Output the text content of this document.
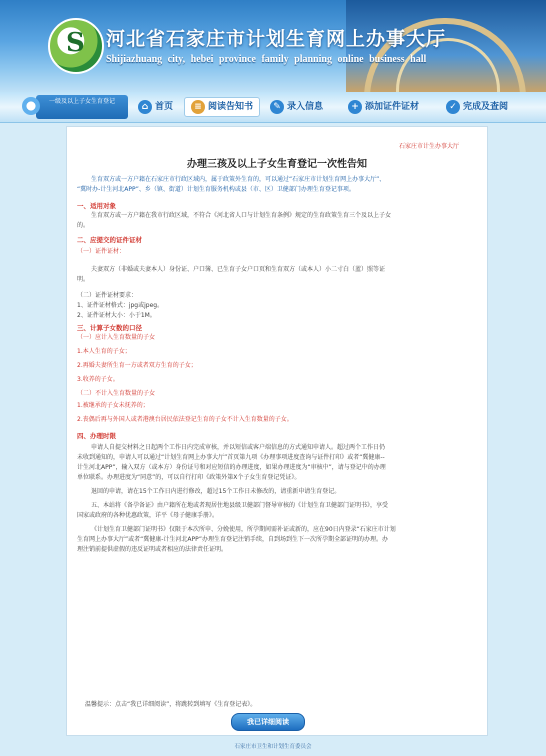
S
河北省石家庄市计划生育网上办事大厅
Shijiazhuang city, hebei province family planning online business hall
一级及以上子女生育登记	⌂ 首页	≡ 阅读告知书	✎ 录入信息	+ 添加证件证材	✓ 完成及查阅
石家庄市计生办事大厅
办理三孩及以上子女生育登记一次性告知

生育双方或一方户籍在石家庄市行政区域内，属于政策外生育的，可以通过“石家庄市计划生育网上办事大厅”、

“冀时办-计生河北APP”、乡（镇、街道）计划生育服务机构或县（市、区）卫健部门办理生育登记事项。

一、适用对象

生育双方或一方户籍在我市行政区域，不符合《河北省人口与计划生育条例》规定的生育政策生育三个及以上子女

的。

二、应提交的证件证材

（一）证件证材：

夫妻双方（非婚或夫妻本人）身份证、户口簿、已生育子女户口页和生育双方（或本人）小二寸白（蓝）照等证

明。

（二）证件证材要求：

1、证件证材格式：jpg或jpeg。

2、证件证材大小：小于1M。

三、计算子女数的口径

（一）应计入生育数量的子女

1.本人生育的子女；

2.再婚夫妻所生育一方或者双方生育的子女；

3.收养的子女。

（二）不计入生育数量的子女

1.被继承的子女未抚养的；

2.丧偶后再与外国人或者港澳台居民依法登记生育的子女不计入生育数量的子女。

四、办理时限

申请人自提交材料之日起两个工作日内完成审核，并以短信或客户端信息的方式通知申请人。超过两个工作日仍

未收到通知的，申请人可以通过“计划生育网上办事大厅”首页第九项《办理事项进度查询与证件打印》或者“冀健康--

计生河北APP”，输入双方（或本方）身份证号和对应短信的办理进度，如果办理进度为“审核中”，请与登记中的办理

单位联系。办理进度为“同意”的，可以自行打印《政策外第X个子女生育登记凭证》。

退回的申请，请在15个工作日内进行修改，超过15个工作日未修改的，请重新申请生育登记。

五、本站将《备孕备证》由户籍所在地或者现居住地县级卫健部门督导审核的《计划生育卫健部门证明书》，享受

国家或政府的各种优惠政策，详平《母子健康手册》。

《计划生育卫健部门证明书》仅限于本次所申、分娩使用，所孕期间需补证或新的，应在90日内登录“石家庄市计划

生育网上办事大厅”或者“冀健康-计生河北APP”办理生育登记注销手续，自到场到生下一次所孕期全部证明的办理。办

理注销前提供虚假的违反证明或者相应的法律责任证明。

温馨提示：点击“我已详细阅读”，将跳转到填写《生育登记表》。
我已详细阅读
石家庄市卫生和计划生育委员会
